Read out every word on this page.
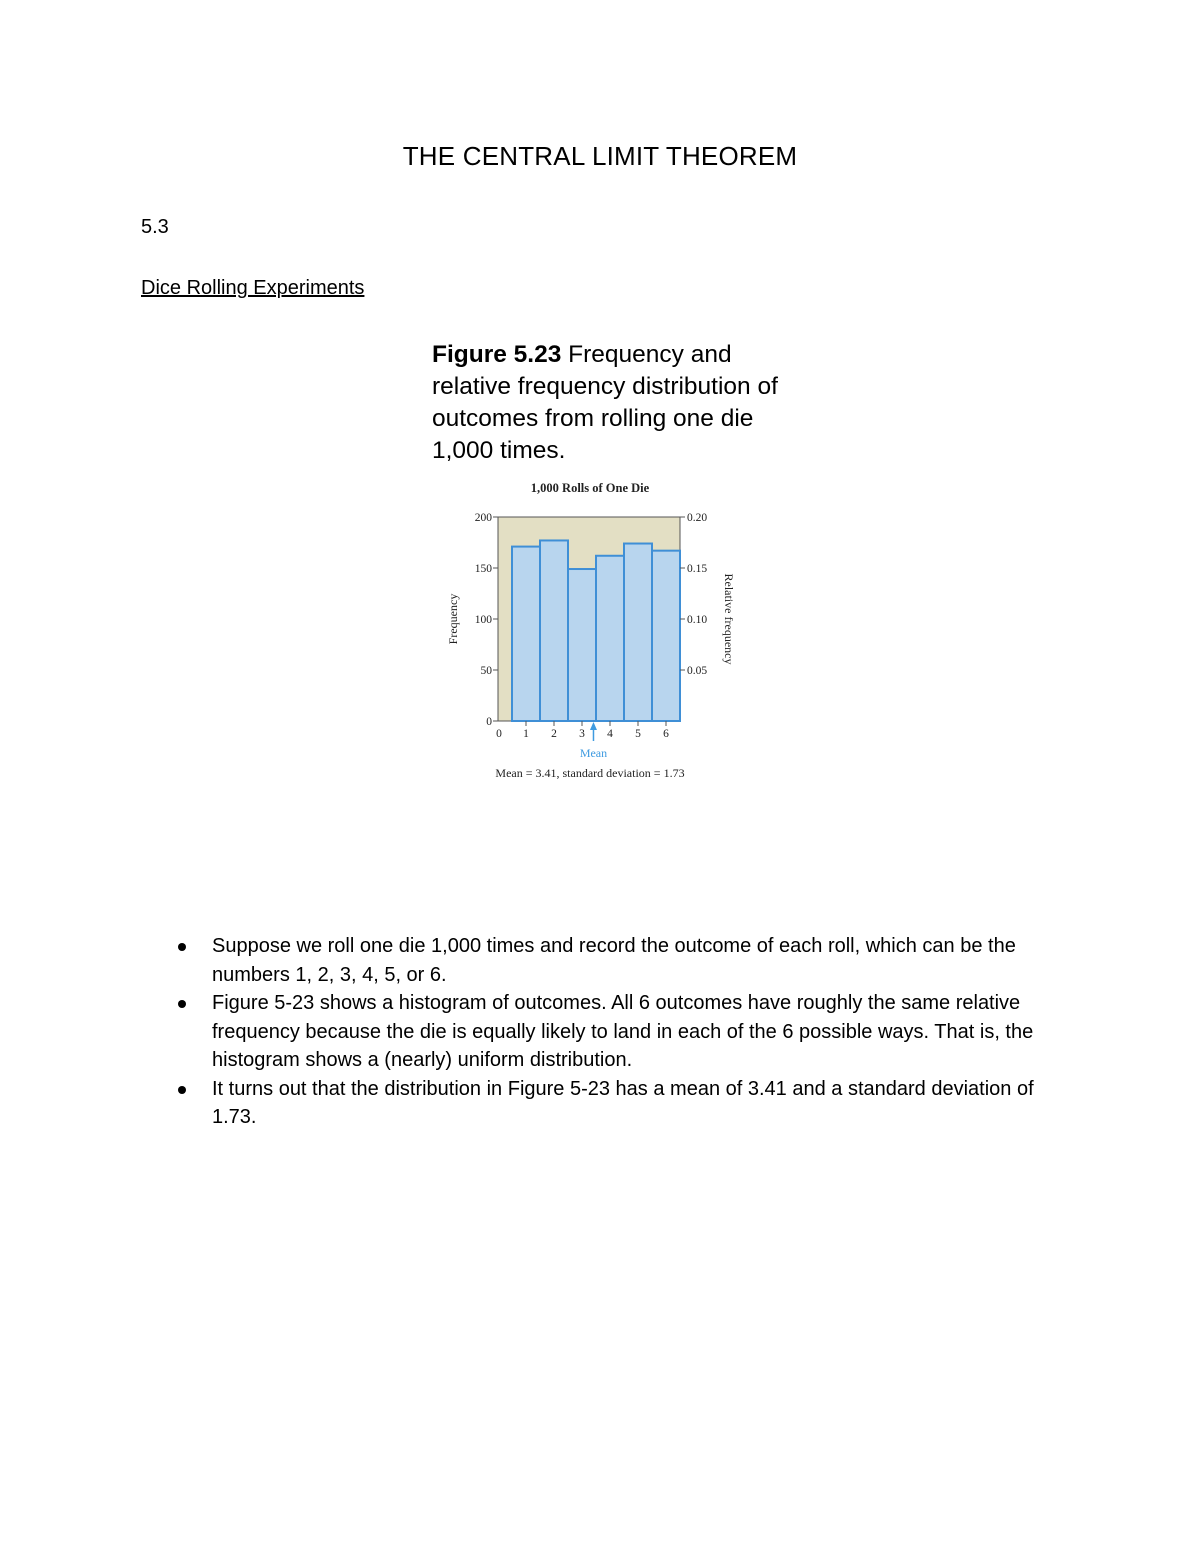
THE CENTRAL LIMIT THEOREM
5.3
Dice Rolling Experiments
Figure 5.23 Frequency and relative frequency distribution of outcomes from rolling one die 1,000 times.
1,000 Rolls of One Die
0
50
100
150
200
0.05
0.10
0.15
0.20
0 1 2 3 4 5 6
Frequency	Relative frequency
Mean
Mean = 3.41, standard deviation = 1.73
Suppose we roll one die 1,000 times and record the outcome of each roll, which can be the numbers 1, 2, 3, 4, 5, or 6.
Figure 5-23 shows a histogram of outcomes. All 6 outcomes have roughly the same relative frequency because the die is equally likely to land in each of the 6 possible ways. That is, the histogram shows a (nearly) uniform distribution.
It turns out that the distribution in Figure 5-23 has a mean of 3.41 and a standard deviation of 1.73.
